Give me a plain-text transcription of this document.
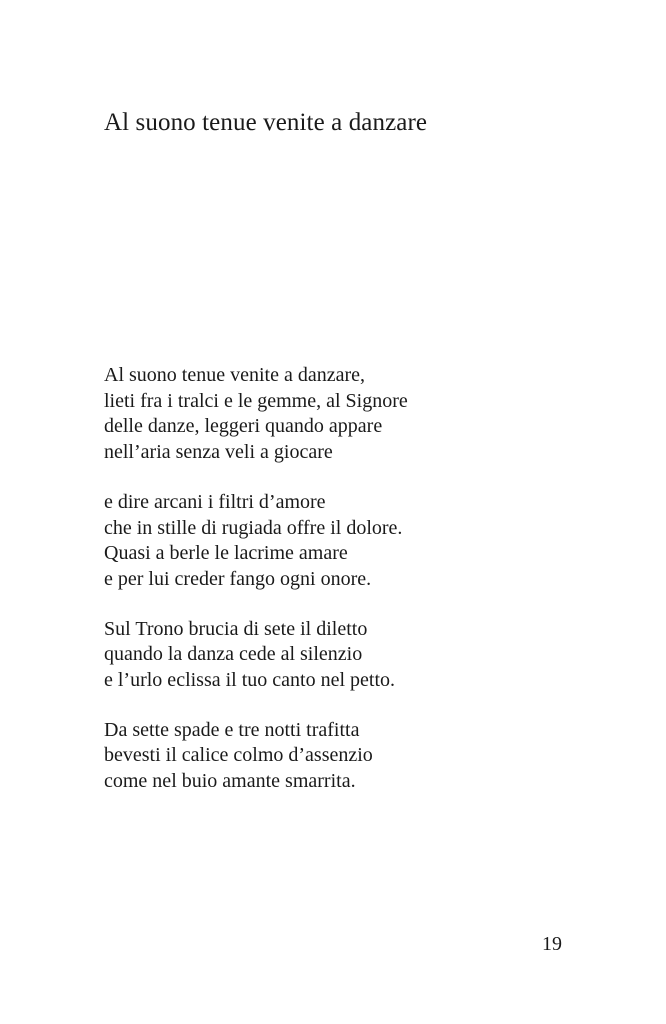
Al suono tenue venite a danzare
Al suono tenue venite a danzare,
lieti fra i tralci e le gemme, al Signore
delle danze, leggeri quando appare
nell’aria senza veli a giocare
e dire arcani i filtri d’amore
che in stille di rugiada offre il dolore.
Quasi a berle le lacrime amare
e per lui creder fango ogni onore.
Sul Trono brucia di sete il diletto
quando la danza cede al silenzio
e l’urlo eclissa il tuo canto nel petto.
Da sette spade e tre notti trafitta
bevesti il calice colmo d’assenzio
come nel buio amante smarrita.
19
